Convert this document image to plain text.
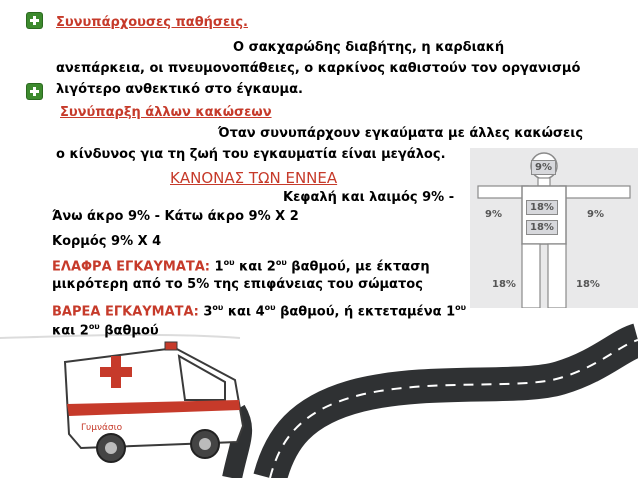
Συνυπάρχουσες παθήσεις.
Ο σακχαρώδης διαβήτης, η καρδιακή
ανεπάρκεια, οι πνευμονοπάθειες, ο καρκίνος καθιστούν τον οργανισμό
λιγότερο ανθεκτικό στο έγκαυμα.
Συνύπαρξη άλλων κακώσεων
Όταν συνυπάρχουν εγκαύματα με άλλες κακώσεις
ο κίνδυνος για τη ζωή του εγκαυματία είναι μεγάλος.
9%
9%	9%
18%
18%
18%	18%
ΚΑΝΟΝΑΣ ΤΩΝ ΕΝΝΕΑ
Κεφαλή και λαιμός 9% -
Άνω άκρο 9% - Κάτω άκρο 9% Χ 2
Κορμός 9% Χ 4
ΕΛΑΦΡΑ ΕΓΚΑΥΜΑΤΑ: $1^{o\upsilon}$ και $2^{o\upsilon}$ βαθμού, με έκταση
μικρότερη από το 5% της επιφάνειας του σώματος
ΒΑΡΕΑ ΕΓΚΑΥΜΑΤΑ: $3^{o\upsilon}$ και $4^{o\upsilon}$ βαθμού, ή εκτεταμένα $1^{o\upsilon}$
και $2^{o\upsilon}$ βαθμού
Γυμνάσιο
